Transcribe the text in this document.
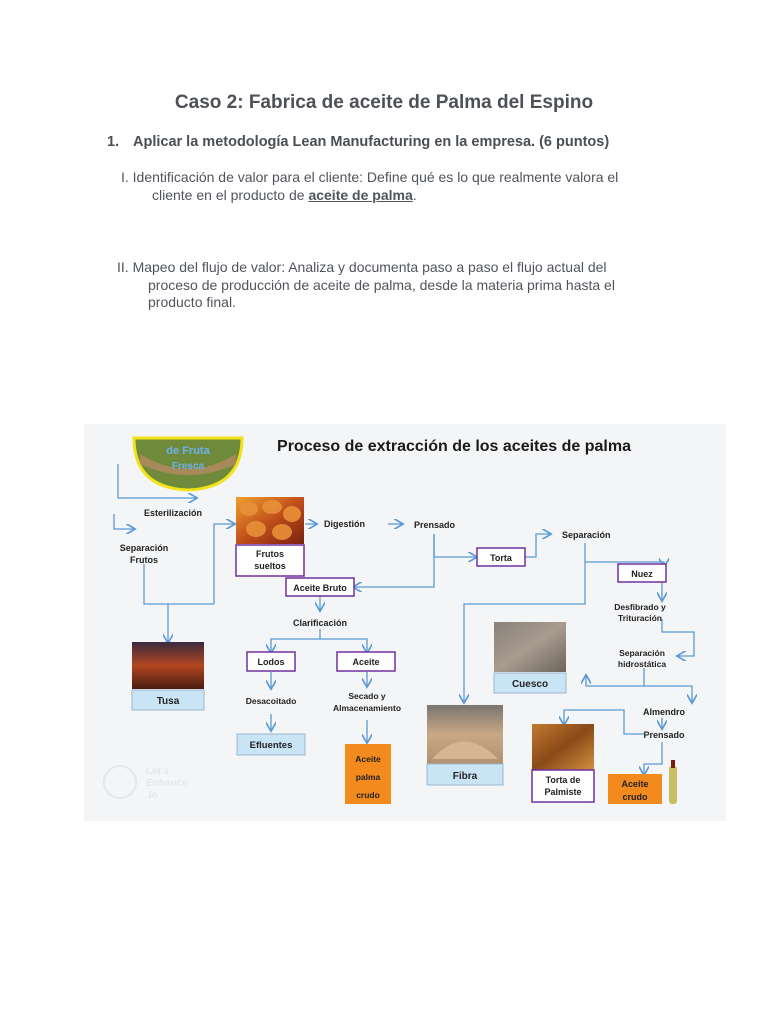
Caso 2: Fabrica de aceite de Palma del Espino
1. Aplicar la metodología Lean Manufacturing en la empresa. (6 puntos)
I. Identificación de valor para el cliente: Define qué es lo que realmente valora el
cliente en el producto de aceite de palma.
II. Mapeo del flujo de valor: Analiza y documenta paso a paso el flujo actual del
proceso de producción de aceite de palma, desde la materia prima hasta el
producto final.
de Fruta
Fresca
Proceso de extracción de los aceites de palma
Esterilización
Separación
Frutos
Frutos
sueltos
Digestión	Prensado
Aceite Bruto
Torta
Separación
Nuez
Desfibrado y
Trituración
Clarificación
Lodos	Aceite
Desacoitado	Secado y
Almacenamiento
Efluentes
Aceite
palma
crudo
Tusa
Fibra
Cuesco
Separación
hidrostática
Almendro
Prensado
Torta de
Palmiste
Aceite
crudo
Let's
Enhance
.io
